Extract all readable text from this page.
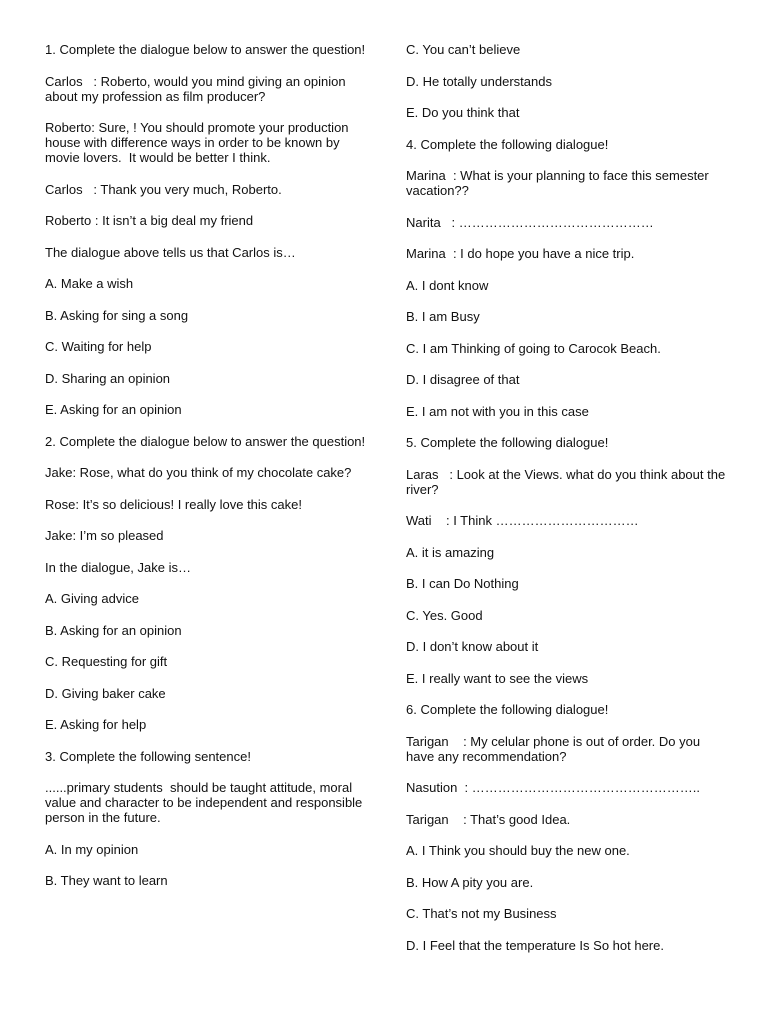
1. Complete the dialogue below to answer the question!
Carlos   : Roberto, would you mind giving an opinion about my profession as film producer?
Roberto: Sure, ! You should promote your production house with difference ways in order to be known by movie lovers.  It would be better I think.
Carlos   : Thank you very much, Roberto.
Roberto : It isn’t a big deal my friend
The dialogue above tells us that Carlos is…
A. Make a wish
B. Asking for sing a song
C. Waiting for help
D. Sharing an opinion
E. Asking for an opinion
2. Complete the dialogue below to answer the question!
Jake: Rose, what do you think of my chocolate cake?
Rose: It’s so delicious! I really love this cake!
Jake: I’m so pleased
In the dialogue, Jake is…
A. Giving advice
B. Asking for an opinion
C. Requesting for gift
D. Giving baker cake
E. Asking for help
3. Complete the following sentence!
......primary students  should be taught attitude, moral value and character to be independent and responsible person in the future.
A. In my opinion
B. They want to learn
C. You can’t believe
D. He totally understands
E. Do you think that
4. Complete the following dialogue!
Marina  : What is your planning to face this semester vacation??
Narita   : ………………………………………
Marina  : I do hope you have a nice trip.
A. I dont know
B. I am Busy
C. I am Thinking of going to Carocok Beach.
D. I disagree of that
E. I am not with you in this case
5. Complete the following dialogue!
Laras   : Look at the Views. what do you think about the river?
Wati    : I Think ……………………………
A. it is amazing
B. I can Do Nothing
C. Yes. Good
D. I don’t know about it
E. I really want to see the views
6. Complete the following dialogue!
Tarigan    : My celular phone is out of order. Do you have any recommendation?
Nasution  : ……………………………………………..
Tarigan    : That’s good Idea.
A. I Think you should buy the new one.
B. How A pity you are.
C. That’s not my Business
D. I Feel that the temperature Is So hot here.
